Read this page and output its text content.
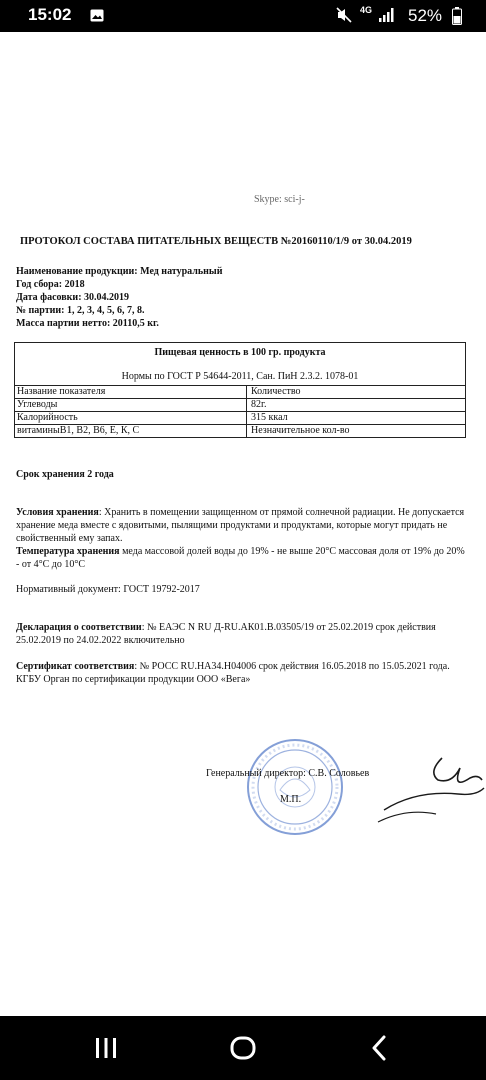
15:02	4G 52%
Skype: sci-j-
ПРОТОКОЛ СОСТАВА ПИТАТЕЛЬНЫХ ВЕЩЕСТВ №20160110/1/9 от 30.04.2019
Наименование продукции: Мед натуральный
Год сбора: 2018
Дата фасовки: 30.04.2019
№ партии: 1, 2, 3, 4, 5, 6, 7, 8.
Масса партии нетто: 20110,5 кг.
Пищевая ценность в 100 гр. продукта
Нормы по ГОСТ Р 54644-2011, Сан. ПиН 2.3.2. 1078-01
Название показателя	Количество
Углеводы	82г.
Калорийность	315 ккал
витаминыВ1, В2, В6, Е, К, С	Незначительное кол-во
Срок хранения 2 года
Условия хранения: Хранить в помещении защищенном от прямой солнечной радиации. Не допускается хранение меда вместе с ядовитыми, пылящими продуктами и продуктами, которые могут придать не свойственный ему запах.
Температура хранения меда массовой долей воды до 19% - не выше 20°С массовая доля от 19% до 20% - от 4°С до 10°С
Нормативный документ: ГОСТ 19792-2017
Декларация о соответствии: № ЕАЭС N RU Д-RU.АК01.В.03505/19 от 25.02.2019 срок действия 25.02.2019 по 24.02.2022 включительно
Сертификат соответствия: № РОСС RU.НА34.Н04006 срок действия 16.05.2018 по 15.05.2021 года. КГБУ Орган по сертификации продукции ООО «Вега»
Генеральный директор: С.В. Соловьев
М.П.
